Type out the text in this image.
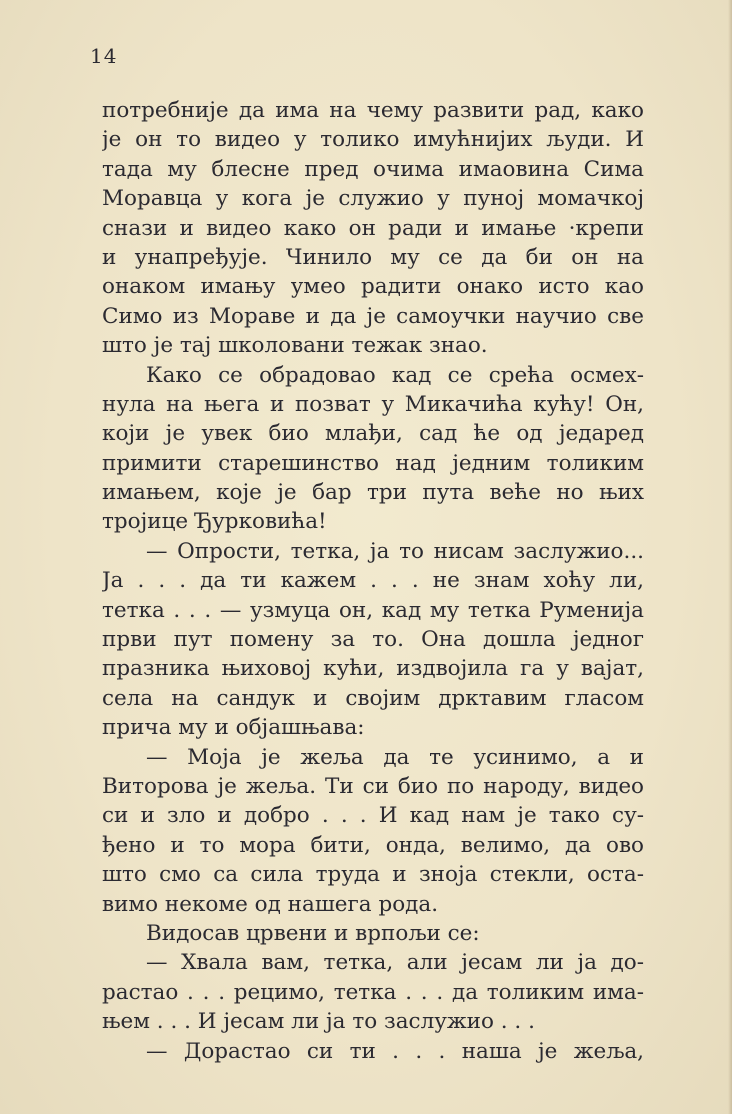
14
потребније да има на чему развити рад, како
је он то видео у толико имућнијих људи. И
тада му блесне пред очима имаовина Сима
Моравца у кога је служио у пуној момачкој
снази и видео како он ради и имање ·крепи
и унапређује. Чинило му се да би он на
онаком имању умео радити онако исто као
Симо из Мораве и да је самоучки научио све
што је тај школовани тежак знао.
Како се обрадовао кад се срећа осмех-
нула на њега и позват у Микачића кућу! Он,
који је увек био млађи, сад ће од једаред
примити старешинство над једним толиким
имањем, које је бар три пута веће но њих
тројице Ђурковића!
— Опрости, тетка, ја то нисам заслужио...
Ја . . . да ти кажем . . . не знам хоћу ли,
тетка . . . — узмуца он, кад му тетка Руменија
први пут помену за то. Она дошла једног
празника њиховој кући, издвојила га у вајат,
села на сандук и својим дрктавим гласом
прича му и објашњава:
— Моја је жеља да те усинимо, а и
Виторова је жеља. Ти си био по народу, видео
си и зло и добро . . . И кад нам је тако су-
ђено и то мора бити, онда, велимо, да ово
што смо са сила труда и зноја стекли, оста-
вимо некоме од нашега рода.
Видосав црвени и врпољи се:
— Хвала вам, тетка, али јесам ли ја до-
растао . . . рецимо, тетка . . . да толиким има-
њем . . . И јесам ли ја то заслужио . . .
— Дорастао си ти . . . наша је жеља,
